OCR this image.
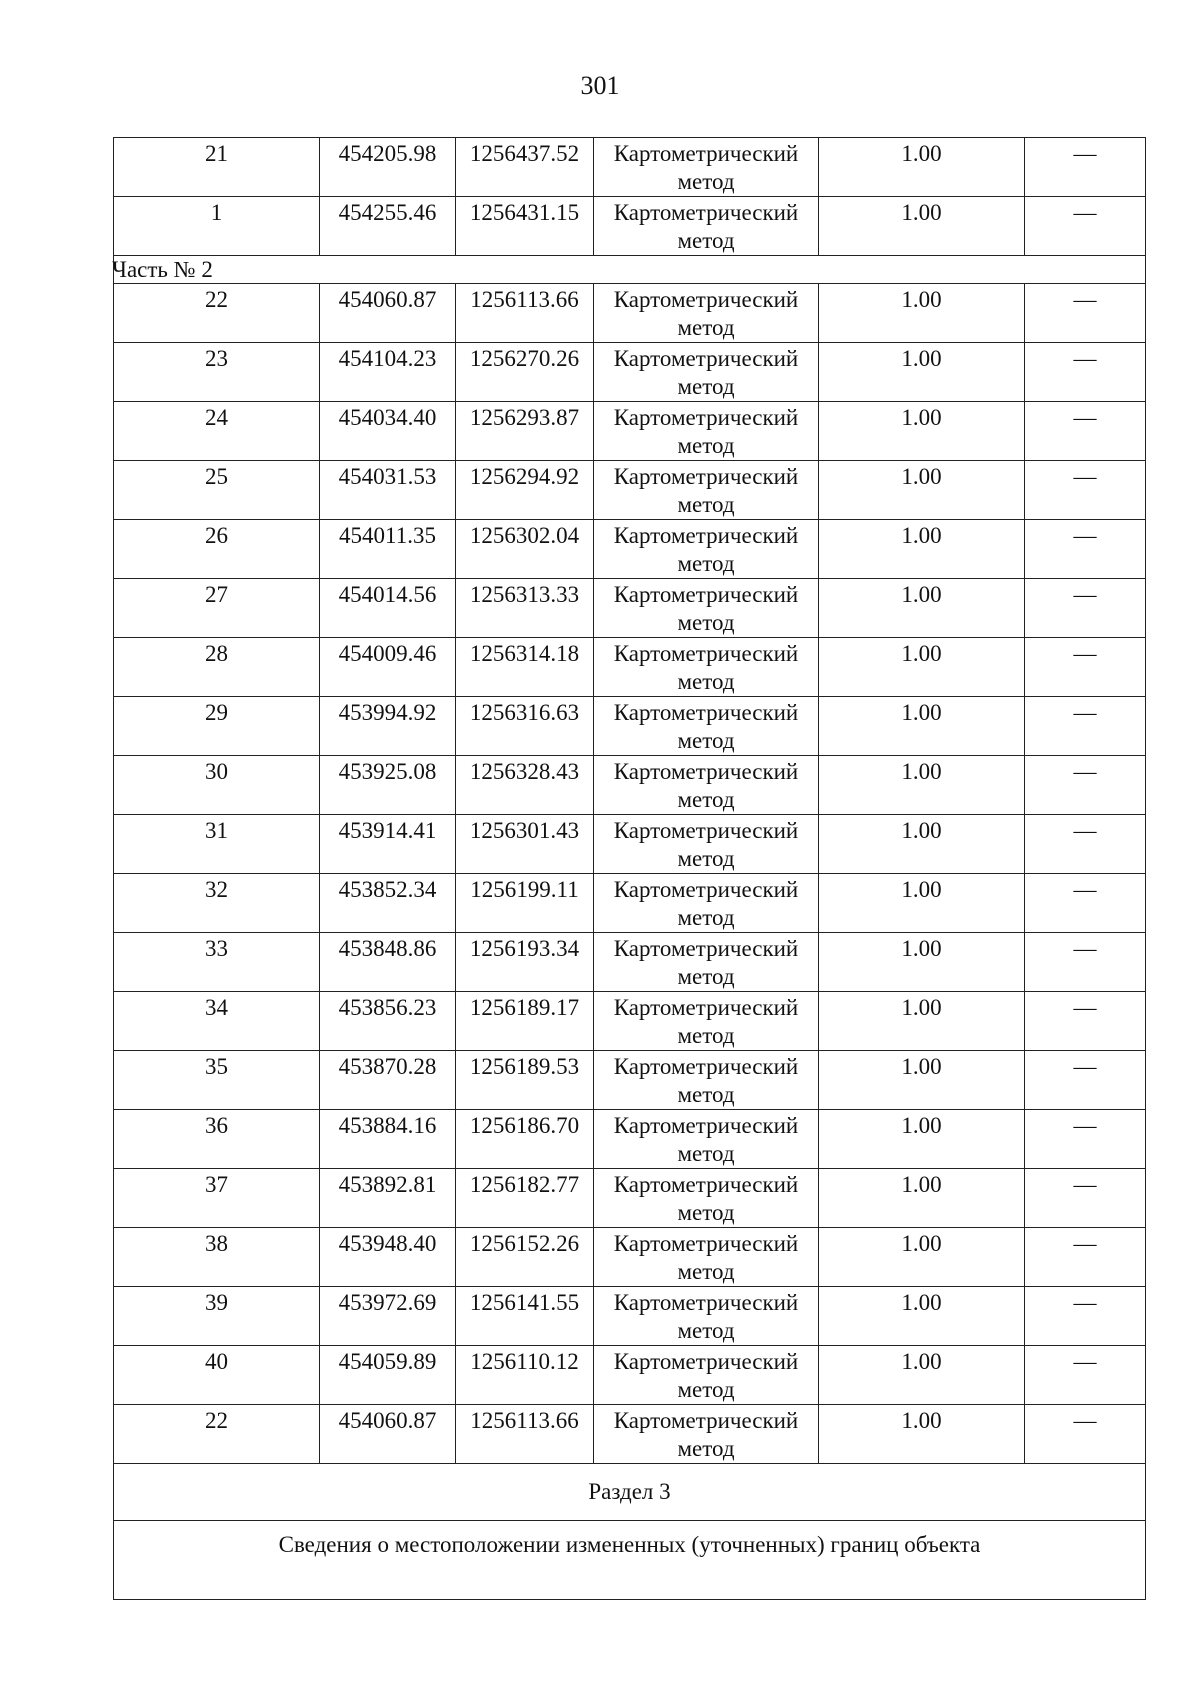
301
21	454205.98	1256437.52	Картометрический метод	1.00	—

1	454255.46	1256431.15	Картометрический метод	1.00	—

Часть № 2					

22	454060.87	1256113.66	Картометрический метод	1.00	—

23	454104.23	1256270.26	Картометрический метод	1.00	—

24	454034.40	1256293.87	Картометрический метод	1.00	—

25	454031.53	1256294.92	Картометрический метод	1.00	—

26	454011.35	1256302.04	Картометрический метод	1.00	—

27	454014.56	1256313.33	Картометрический метод	1.00	—

28	454009.46	1256314.18	Картометрический метод	1.00	—

29	453994.92	1256316.63	Картометрический метод	1.00	—

30	453925.08	1256328.43	Картометрический метод	1.00	—

31	453914.41	1256301.43	Картометрический метод	1.00	—

32	453852.34	1256199.11	Картометрический метод	1.00	—

33	453848.86	1256193.34	Картометрический метод	1.00	—

34	453856.23	1256189.17	Картометрический метод	1.00	—

35	453870.28	1256189.53	Картометрический метод	1.00	—

36	453884.16	1256186.70	Картометрический метод	1.00	—

37	453892.81	1256182.77	Картометрический метод	1.00	—

38	453948.40	1256152.26	Картометрический метод	1.00	—

39	453972.69	1256141.55	Картометрический метод	1.00	—

40	454059.89	1256110.12	Картометрический метод	1.00	—

22	454060.87	1256113.66	Картометрический метод	1.00	—

Раздел 3					

Сведения о местоположении измененных (уточненных) границ объекта					
